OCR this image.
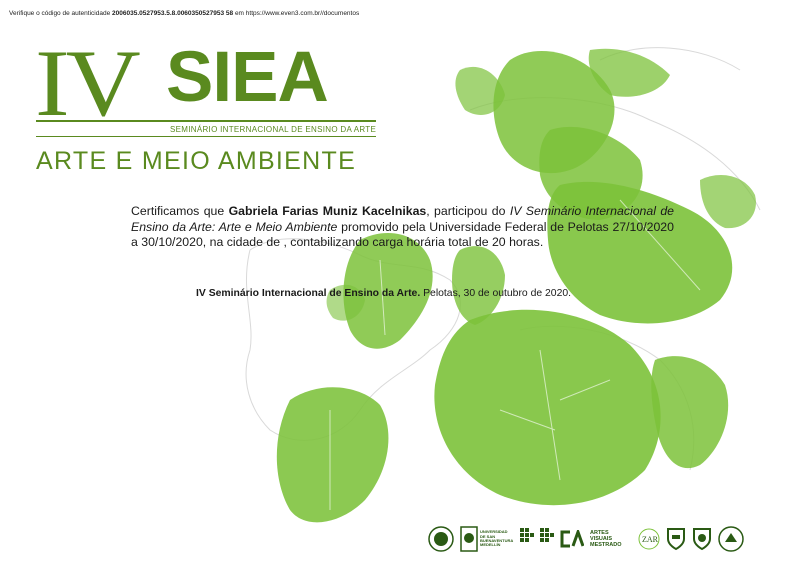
Verifique o código de autenticidade 2006035.0527953.5.8.0060350527953 58 em https://www.even3.com.br//documentos
IV SIEA
SEMINÁRIO INTERNACIONAL DE ENSINO DA ARTE
ARTE E MEIO AMBIENTE
Certificamos que Gabriela Farias Muniz Kacelnikas, participou do IV Seminário Internacional de Ensino da Arte: Arte e Meio Ambiente promovido pela Universidade Federal de Pelotas 27/10/2020 a 30/10/2020, na cidade de , contabilizando carga horária total de 20 horas.
IV Seminário Internacional de Ensino da Arte. Pelotas, 30 de outubro de 2020.
UNIVERSIDAD DE SAN BUENAVENTURA MEDELLÍN
ARTES VISUAIS MESTRADO
ZAR
